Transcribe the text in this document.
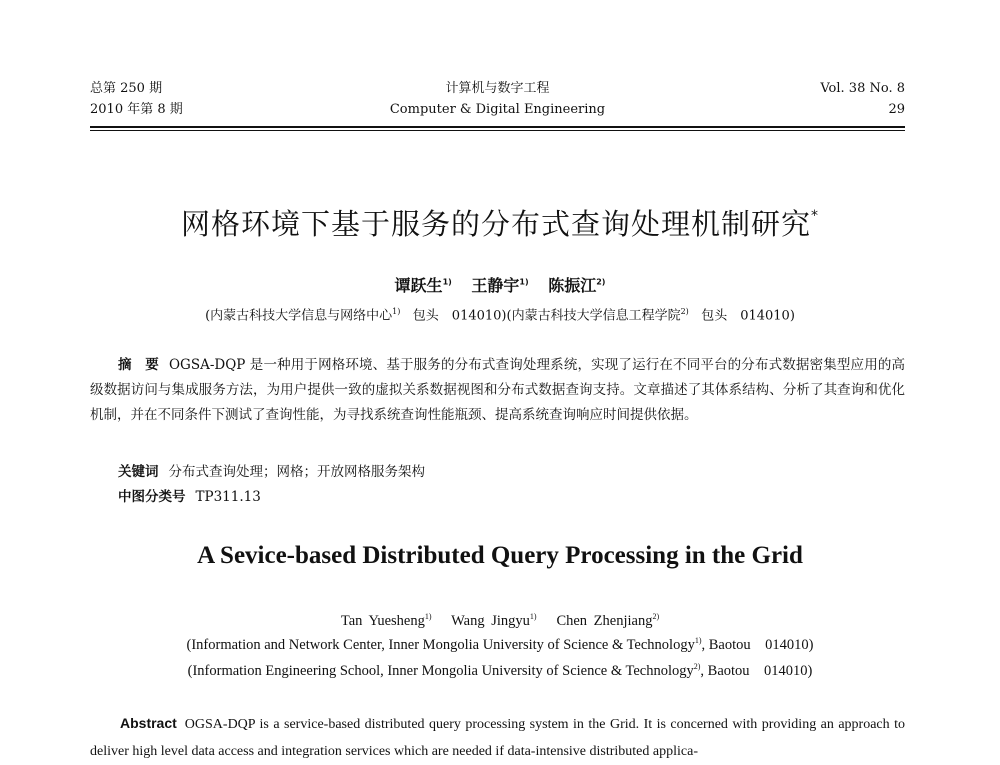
总第 250 期
2010 年第 8 期
计算机与数字工程
Computer & Digital Engineering
Vol. 38 No. 8
29
网格环境下基于服务的分布式查询处理机制研究*
谭跃生$^{1)}$ 王静宇$^{1)}$ 陈振江$^{2)}$
(内蒙古科技大学信息与网络中心$^{1)}$ 包头　014010)(内蒙古科技大学信息工程学院$^{2)}$ 包头　014010)
摘　要 OGSA-DQP 是一种用于网格环境、基于服务的分布式查询处理系统，实现了运行在不同平台的分布式数据密集型应用的高级数据访问与集成服务方法，为用户提供一致的虚拟关系数据视图和分布式数据查询支持。文章描述了其体系结构、分析了其查询和优化机制，并在不同条件下测试了查询性能，为寻找系统查询性能瓶颈、提高系统查询响应时间提供依据。
关键词 分布式查询处理；网格；开放网格服务架构
中图分类号 TP311.13
A Sevice-based Distributed Query Processing in the Grid
Tan Yuesheng$^{1)}$ Wang Jingyu$^{1)}$ Chen Zhenjiang$^{2)}$
(Information and Network Center, Inner Mongolia University of Science & Technology$^{1)}$, Baotou　014010)
(Information Engineering School, Inner Mongolia University of Science & Technology$^{2)}$, Baotou　014010)
Abstract OGSA-DQP is a service-based distributed query processing system in the Grid. It is concerned with providing an approach to deliver high level data access and integration services which are needed if data-intensive distributed applica-
